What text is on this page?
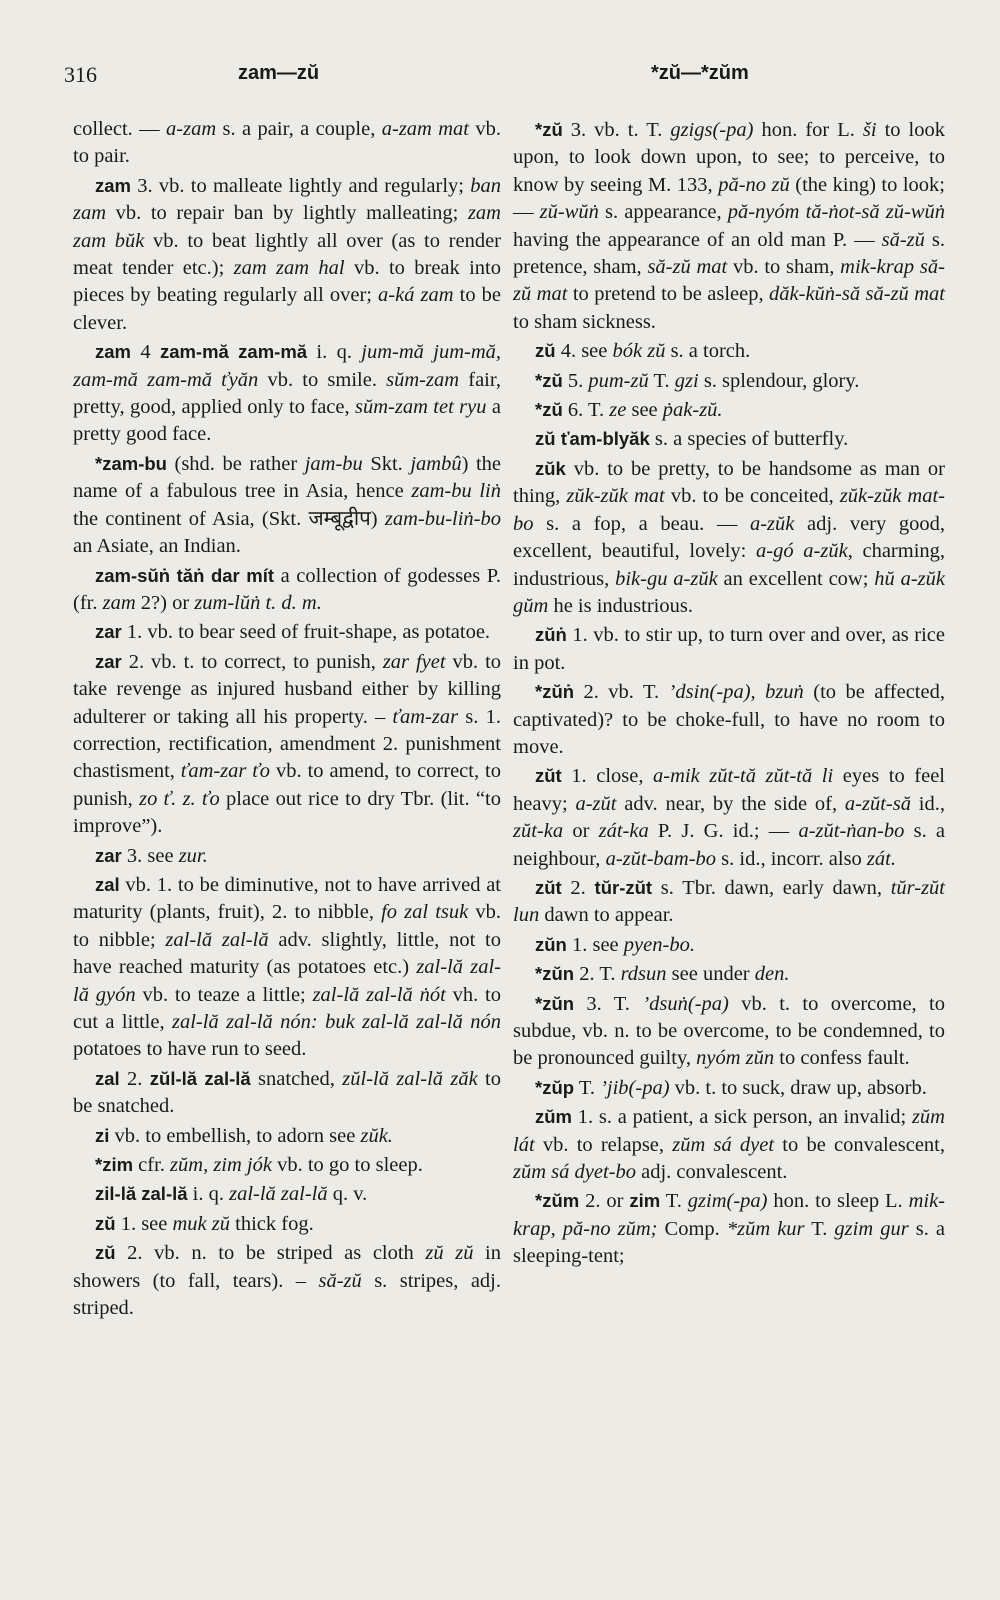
316	zam—zŭ	*zŭ—*zŭm
collect. — a-zam s. a pair, a couple, a-zam mat vb. to pair.
zam 3. vb. to malleate lightly and regularly; ban zam vb. to repair ban by lightly malleating; zam zam bŭk vb. to beat lightly all over (as to render meat tender etc.); zam zam hal vb. to break into pieces by beating regularly all over; a-ká zam to be clever.
zam 4 zam-mă zam-mă i. q. jum-mă jum-mă, zam-mă zam-mă ťyăn vb. to smile. sŭm-zam fair, pretty, good, applied only to face, sŭm-zam tet ryu a pretty good face.
*zam-bu (shd. be rather jam-bu Skt. jambû) the name of a fabulous tree in Asia, hence zam-bu liṅ the continent of Asia, (Skt. जम्बूद्वीप) zam-bu-liṅ-bo an Asiate, an Indian.
zam-sŭṅ tăṅ dar mít a collection of godesses P. (fr. zam 2?) or zum-lŭṅ t. d. m.
zar 1. vb. to bear seed of fruit-shape, as potatoe.
zar 2. vb. t. to correct, to punish, zar fyet vb. to take revenge as injured husband either by killing adulterer or taking all his property. – ťam-zar s. 1. correction, rectification, amendment 2. punishment chastisment, ťam-zar ťo vb. to amend, to correct, to punish, zo ť. z. ťo place out rice to dry Tbr. (lit. “to improve”).
zar 3. see zur.
zal vb. 1. to be diminutive, not to have arrived at maturity (plants, fruit), 2. to nibble, fo zal tsuk vb. to nibble; zal-lă zal-lă adv. slightly, little, not to have reached maturity (as potatoes etc.) zal-lă zal-lă gyón vb. to teaze a little; zal-lă zal-lă ṅót vh. to cut a little, zal-lă zal-lă nón: buk zal-lă zal-lă nón potatoes to have run to seed.
zal 2. zŭl-lă zal-lă snatched, zŭl-lă zal-lă zăk to be snatched.
zi vb. to embellish, to adorn see zŭk.
*zim cfr. zŭm, zim jók vb. to go to sleep.
zil-lă zal-lă i. q. zal-lă zal-lă q. v.
zŭ 1. see muk zŭ thick fog.
zŭ 2. vb. n. to be striped as cloth zŭ zŭ in showers (to fall, tears). – să-zŭ s. stripes, adj. striped.
*zŭ 3. vb. t. T. gzigs(-pa) hon. for L. ši to look upon, to look down upon, to see; to perceive, to know by seeing M. 133, pă-no zŭ (the king) to look; — zŭ-wŭṅ s. appearance, pă-nyóm tă-ṅot-să zŭ-wŭṅ having the appearance of an old man P. — să-zŭ s. pretence, sham, să-zŭ mat vb. to sham, mik-krap să-zŭ mat to pretend to be asleep, dăk-kŭṅ-să să-zŭ mat to sham sickness.
zŭ 4. see bók zŭ s. a torch.
*zŭ 5. pum-zŭ T. gzi s. splendour, glory.
*zŭ 6. T. ze see ṗak-zŭ.
zŭ ťam-blyăk s. a species of butterfly.
zŭk vb. to be pretty, to be handsome as man or thing, zŭk-zŭk mat vb. to be conceited, zŭk-zŭk mat-bo s. a fop, a beau. — a-zŭk adj. very good, excellent, beautiful, lovely: a-gó a-zŭk, charming, industrious, bik-gu a-zŭk an excellent cow; hŭ a-zŭk gŭm he is industrious.
zŭṅ 1. vb. to stir up, to turn over and over, as rice in pot.
*zŭṅ 2. vb. T. ’dsin(-pa), bzuṅ (to be affected, captivated)? to be choke-full, to have no room to move.
zŭt 1. close, a-mik zŭt-tă zŭt-tă li eyes to feel heavy; a-zŭt adv. near, by the side of, a-zŭt-să id., zŭt-ka or zát-ka P. J. G. id.; — a-zŭt-ṅan-bo s. a neighbour, a-zŭt-bam-bo s. id., incorr. also zát.
zŭt 2. tŭr-zŭt s. Tbr. dawn, early dawn, tŭr-zŭt lun dawn to appear.
zŭn 1. see pyen-bo.
*zŭn 2. T. rdsun see under den.
*zŭn 3. T. ’dsuṅ(-pa) vb. t. to overcome, to subdue, vb. n. to be overcome, to be condemned, to be pronounced guilty, nyóm zŭn to confess fault.
*zŭp T. ’jib(-pa) vb. t. to suck, draw up, absorb.
zŭm 1. s. a patient, a sick person, an invalid; zŭm lát vb. to relapse, zŭm sá dyet to be convalescent, zŭm sá dyet-bo adj. convalescent.
*zŭm 2. or zim T. gzim(-pa) hon. to sleep L. mik-krap, pă-no zŭm; Comp. *zŭm kur T. gzim gur s. a sleeping-tent;
